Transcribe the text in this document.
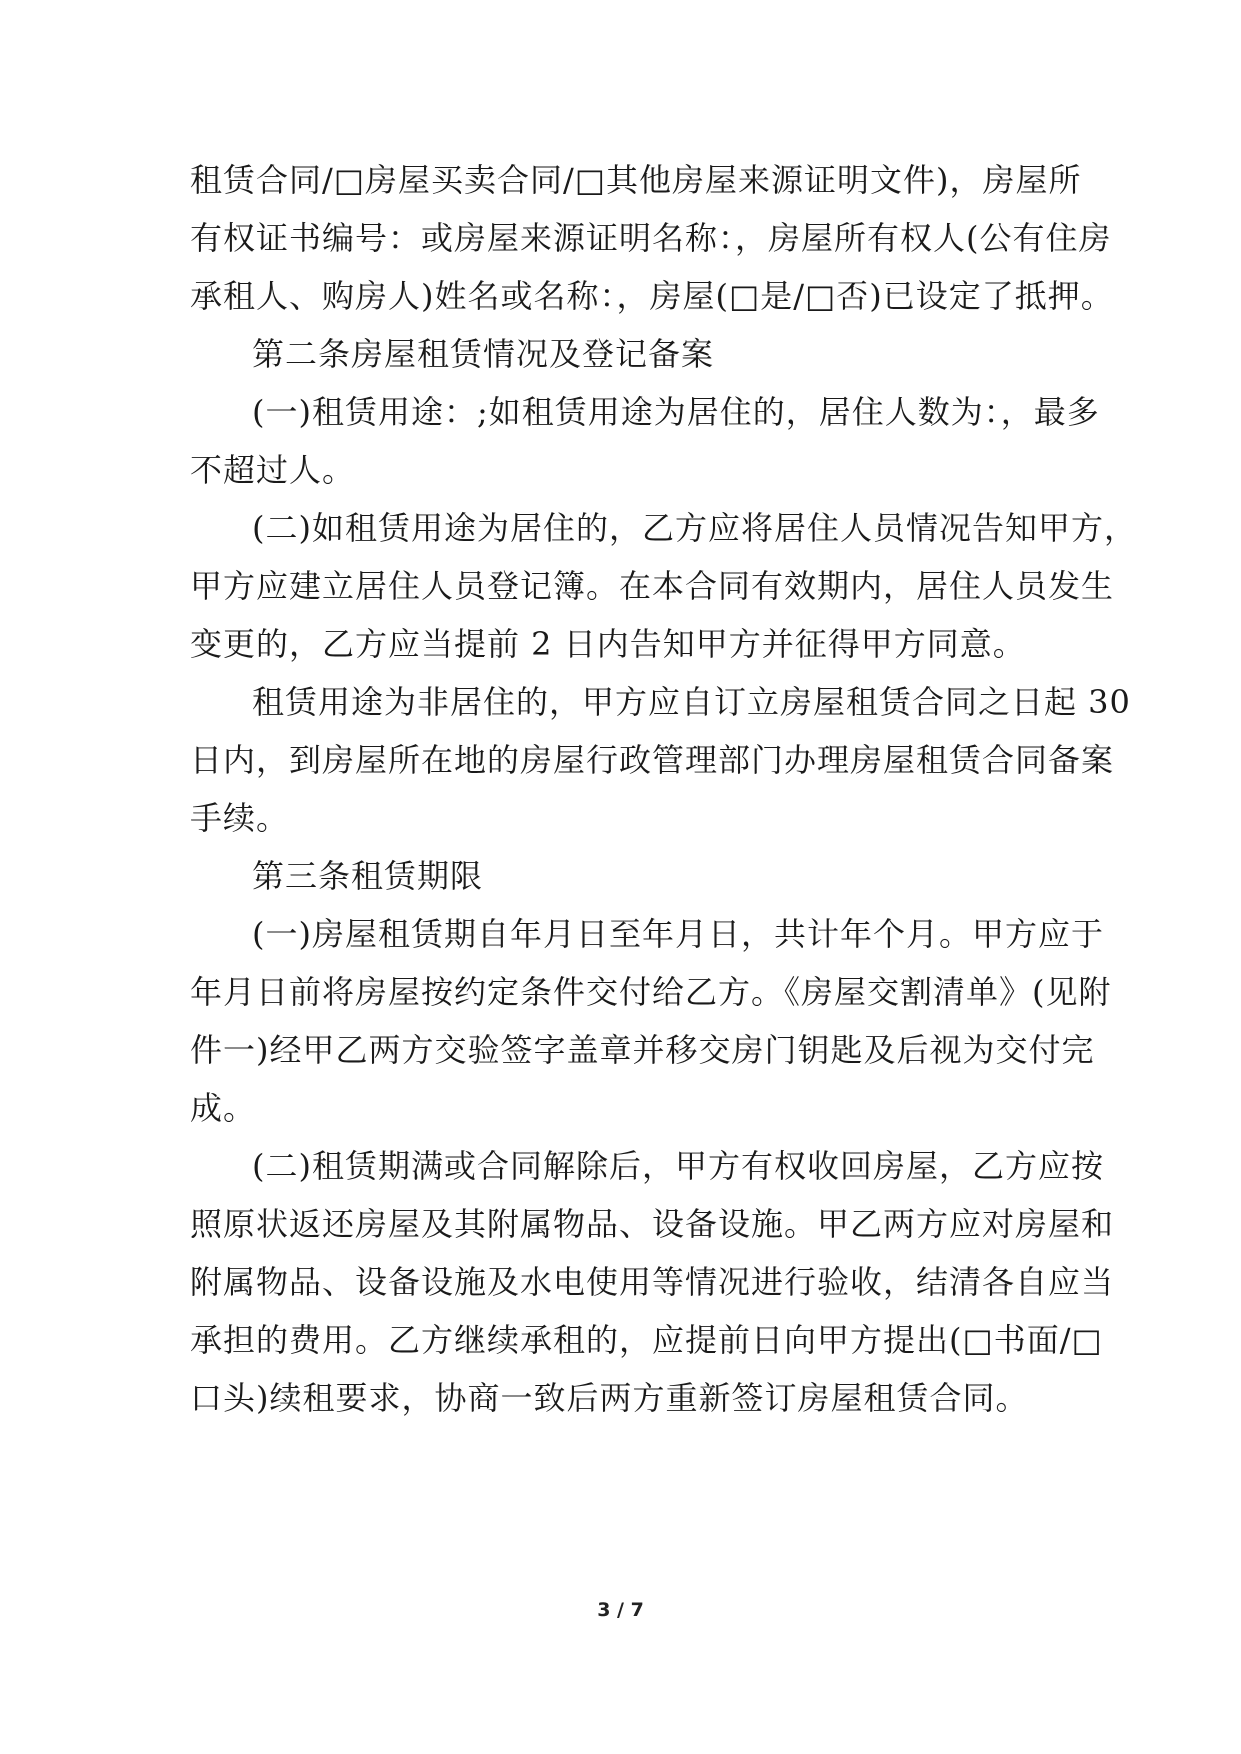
租赁合同/□房屋买卖合同/□其他房屋来源证明文件)，房屋所
有权证书编号：或房屋来源证明名称：，房屋所有权人(公有住房
承租人、购房人)姓名或名称：，房屋(□是/□否)已设定了抵押。
第二条房屋租赁情况及登记备案
(一)租赁用途：;如租赁用途为居住的，居住人数为：，最多
不超过人。
(二)如租赁用途为居住的，乙方应将居住人员情况告知甲方，
甲方应建立居住人员登记簿。在本合同有效期内，居住人员发生
变更的，乙方应当提前 2 日内告知甲方并征得甲方同意。
租赁用途为非居住的，甲方应自订立房屋租赁合同之日起 30
日内，到房屋所在地的房屋行政管理部门办理房屋租赁合同备案
手续。
第三条租赁期限
(一)房屋租赁期自年月日至年月日，共计年个月。甲方应于
年月日前将房屋按约定条件交付给乙方。《房屋交割清单》(见附
件一)经甲乙两方交验签字盖章并移交房门钥匙及后视为交付完
成。
(二)租赁期满或合同解除后，甲方有权收回房屋，乙方应按
照原状返还房屋及其附属物品、设备设施。甲乙两方应对房屋和
附属物品、设备设施及水电使用等情况进行验收，结清各自应当
承担的费用。乙方继续承租的，应提前日向甲方提出(□书面/□
口头)续租要求，协商一致后两方重新签订房屋租赁合同。
3 / 7
